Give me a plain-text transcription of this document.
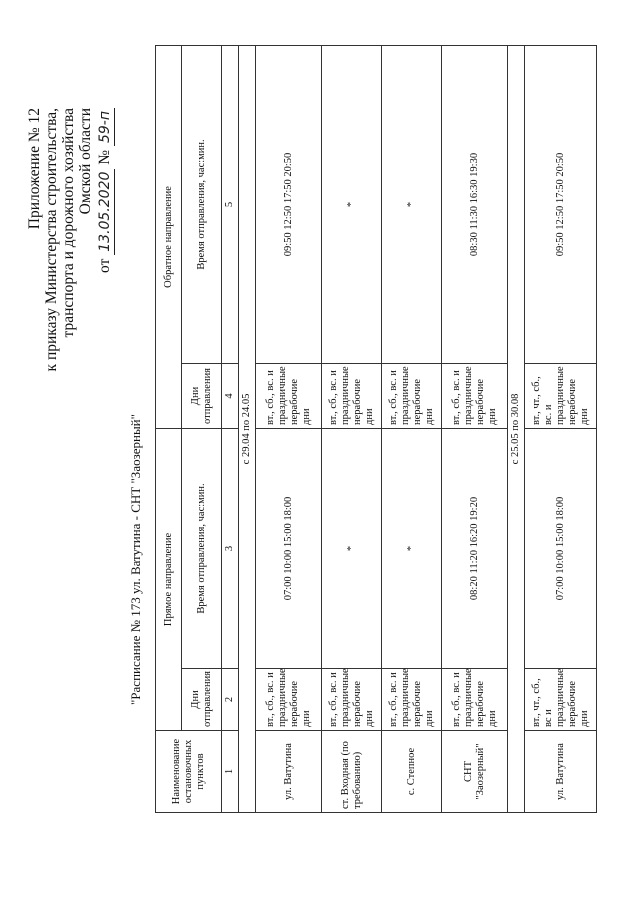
Приложение № 12 к приказу Министерства строительства, транспорта и дорожного хозяйства Омской области
от 13.05.2020 № 59-п
"Расписание № 173 ул. Ватутина - СНТ "Заозерный"
Наименование остановочных пунктов	Прямое направление		Обратное направление	
	Дни отправления	Время отправления, час:мин.	Дни отправления	Время отправления, час:мин.
1	2	3	4	5
с 29.04 по 24.05				
ул. Ватутина	вт., сб., вс. и праздничные нерабочие дни	07:00 10:00 15:00 18:00	вт., сб., вс. и праздничные нерабочие дни	09:50 12:50 17:50 20:50
ст. Входная (по требованию)	вт., сб., вс. и праздничные нерабочие дни	*	вт., сб., вс. и праздничные нерабочие дни	*
с. Степное	вт., сб., вс. и праздничные нерабочие дни	*	вт., сб., вс. и праздничные нерабочие дни	*
СНТ "Заозерный"	вт., сб., вс. и праздничные нерабочие дни	08:20 11:20 16:20 19:20	вт., сб., вс. и праздничные нерабочие дни	08:30 11:30 16:30 19:30
с 25.05 по 30.08				
ул. Ватутина	вт., чт., сб., вс и праздничные нерабочие дни	07:00 10:00 15:00 18:00	вт., чт., сб., вс. и праздничные нерабочие дни	09:50 12:50 17:50 20:50
